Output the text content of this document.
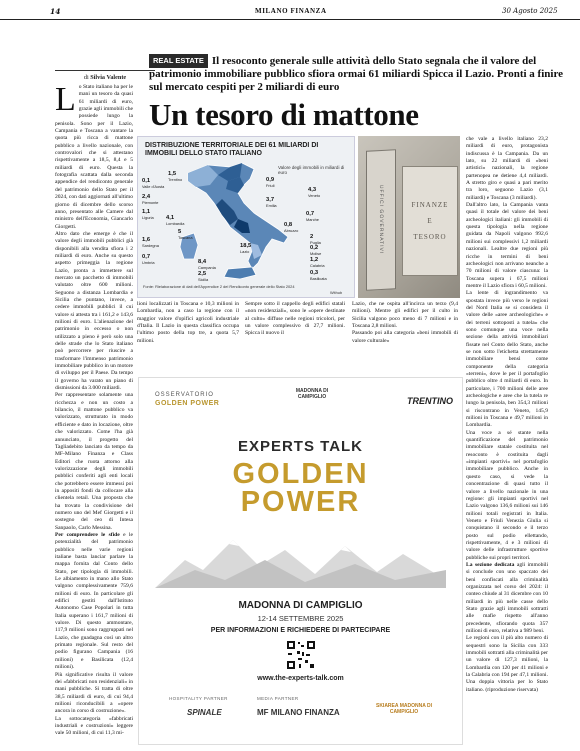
14	MILANO FINANZA	30 Agosto 2025
REAL ESTATE Il resoconto generale sulle attività dello Stato segnala che il valore del patrimonio immobiliare pubblico sfiora ormai 61 miliardi Spicca il Lazio. Pronti a finire sul mercato cespiti per 2 miliardi di euro
Un tesoro di mattone
di Silvia Valente

Lo Stato italiano ha per le mani un tesoro da quasi 61 miliardi di euro, grazie agli immobili che possiede lungo la penisola. Sono per il Lazio, Campania e Toscana a vantare la quota più ricca di mattone pubblico a livello nazionale, con controvalori che si attestano rispettivamente a 18,5, 8,4 e 5 miliardi di euro. Questa la fotografia scattata dalla seconda appendice del rendiconto generale del patrimonio dello Stato per il 2024, con dati aggiornati all'ultimo giorno di dicembre dello scorso anno, presentato alle Camere dal ministro dell'Economia, Giancarlo Giorgetti.

Altro dato che emerge è che il valore degli immobili pubblici già disponibili alla vendita sfiora i 2 miliardi di euro. Anche su questo aspetto primeggia la regione Lazio, pronta a immettere sul mercato un pacchetto di immobili valutato oltre 600 milioni. Seguono a distanza Lombardia e Sicilia che puntano, invece, a cedere immobili pubblici il cui valore si attesta tra i 161,2 e 143,6 milioni di euro. L'alienazione del patrimonio in eccesso o non utilizzato a pieno è però solo una delle strade che lo Stato italiano può percorrere per riuscire a trasformare l'immenso patrimonio immobiliare pubblico in un motore di sviluppo per il Paese. Da tempo il governo ha varato un piano di dismissioni da 3.000 miliardi.

Per rappresentare solamente una ricchezza e non un costo a bilancio, il mattone pubblico va valorizzato, strutturato in modo efficiente e dato in locazione, oltre che valorizzato. Come l'ha già annunciato, il progetto del Tagliadebito lanciato da tempo da MF-Milano Finanza e Class Editori che ruota attorno alla valorizzazione degli immobili pubblici conferiti agli enti locali che potrebbero essere immessi poi in appositi fondi da collocare alla clientela retail. Una proposta che ha trovato la condivisione del numero uno del Mef Giorgetti e il sostegno del ceo di Intesa Sanpaolo, Carlo Messina.

Per comprendere le sfide e le potenzialità del patrimonio pubblico nelle varie regioni italiane basta lanciar parlare la mappa fornita dal Conto dello Stato, per tipologia di immobili. Le albiamento in mano allo Stato valgono complessivamente 759,6 milioni di euro. In particolare gli edifici gestiti dall'Istituto Autonomo Case Popolari in tutta Italia superano i 161,7 milioni di valore. Di questo ammontare, 117,9 milioni sono raggruppati nel Lazio, che guadagna così un altro primato regionale. Sul resto del podio figurano Campania (16 milioni) e Basilicata (12,4 milioni).

Più significative risulta il valore dei «fabbricati non residenziali» in mani pubbliche. Si tratta di oltre 38,5 miliardi di euro, di cui 94,4 milioni riconducibili a «opere ancora in corso di costruzione».

La sottocategoria «fabbricati industriali e costruzioni» leggere vale 50 milioni, di cui 11,3 mi-

DISTRIBUZIONE TERRITORIALE DEI 61 MILIARDI DI IMMOBILI DELLO STATO ITALIANO
Valore degli immobili in miliardi di euro
1,5
Trentino
0,1
Valle d'Aosta
2,4
Piemonte
1,1
Liguria 4,1
Lombardia
5
Toscana
1,6
Sardegna
0,7
Umbria
18,5
Lazio
8,4
Campania
2,5
Sicilia
0,9
Friuli
4,3
Veneto
3,7
Emilia
0,7
Marche
0,8
Abruzzo
2
Puglia
0,2
Molise
1,2
Calabria
0,3
Basilicata
Fonte: Rielaborazione di dati dell'Appendice 2 del Rendiconto generale dello Stato 2024
Withub
UFFICI GOVERNATIVI	FINANZE
E
TESORO
lioni localizzati in Toscana e 10,3 milioni in Lombardia, non a caso la regione con il maggior valore d'opifici agricoli industriale d'Italia. Il Lazio in questa classifica occupa l'ultimo posto della top tre, a quota 5,7 milioni.
Sempre sotto il cappello degli edifici statali «non residenziali», sono le «opere destinate al culto» diffuse nelle regioni tricolori, per un valore complessivo di 27,7 milioni. Spicca il nuovo il

Lazio, che ne ospita all'incirca un terzo (9,4 milioni). Mentre gli edifici per il culto in Sicilia valgono poco meno di 7 milioni e in Toscana 2,8 milioni.

Passando poi alla categoria «beni immobili di valore culturale»

che vale a livello italiano 23,2 miliardi di euro, protagonista indiscussa è la Campania. Da un lato, su 22 miliardi di «beni artistici» nazionali, la regione partenopea ne detiene 4,4 miliardi. A stretto giro e quasi a pari merito tra loro, seguono Lazio (3,1 miliardi) e Toscana (3 miliardi).

Dall'altro lato, la Campania vanta quasi il totale del valore dei beni archeologici italiani: gli immobili di questa tipologia nella regione guidata da Napoli valgono 992,6 milioni sui complessivi 1,2 miliardi nazionali. Lealtre due regioni più ricche in termini di beni archeologici non arrivano neanche a 70 milioni di valore ciascuna: la Toscana supera i 67,5 milioni mentre il Lazio sfiora i 60,5 milioni.

La lente di ingrandimento va spostata invece più verso le regioni del Nord Italia se si considera il valore delle «aree archeologiche» e dei terreni sottoposti a tutela» che sono comunque una voce nella sezione della attività immobiliari fissate nel Conto dello Stato, anche se non sotto l'etichetta strettamente immobiliare bensì come componente della categoria «terreni», dove le per il portafoglio pubblico oltre 4 miliardi di euro. In particolare, i 700 milioni delle aree archeologiche e aree che la tutela re lungo la penisola, ben 354,3 milioni si riscontrano in Veneto, 145,9 milioni in Toscana e 49,7 milioni in Lombardia.

Una voce a sé stante nella quantificazione del patrimonio immobiliare statale costituita nel resoconto è costituita dagli «impianti sportivi» nel portafoglio immobiliare pubblico. Anche in questo caso, si vede la concentrazione di quasi tutto il valore a livello nazionale in una regione: gli impianti sportivi nel Lazio valgono 136,6 milioni sui 146 milioni totali registrati in Italia. Veneto e Friuli Venezia Giulia si conquistano il secondo e il terzo posto sul podio ellettando, rispettivamente, 4 e 3 milioni di valore delle infrastrutture sportive pubbliche sui propri territori.

La sezione dedicata agli immobili si conclude con uno spaccato dei beni confiscati alla criminalità organizzata nel corso del 2024: il conteo chiude al 31 dicembre con 10 miliardi in più nelle casse dello Stato grazie agli immobili sottratti alle mafie rispetto all'anno precedente, sfiorando quota 357 milioni di euro, relativa a 989 beni.

Le regioni con il più alto numero di sequestri sono la Sicilia con 333 immobili sottratti alla criminalità per un valore di 127,3 milioni, la Lombardia con 120 per 41 milioni e la Calabria con 194 per 47,1 milioni. Una doppia vittoria per lo Stato italiano. (riproduzione riservata)

OSSERVATORIO
GOLDEN POWER
MADONNA DI CAMPIGLIO	TRENTINO
EXPERTS TALK
GOLDEN
POWER
MADONNA DI CAMPIGLIO
12-14 SETTEMBRE 2025
PER INFORMAZIONI E RICHIEDERE DI PARTECIPARE
www.the-experts-talk.com
HOSPITALITY PARTNER	MEDIA PARTNER
SPINALE	MF MILANO FINANZA
SKIAREA MADONNA DI CAMPIGLIO
